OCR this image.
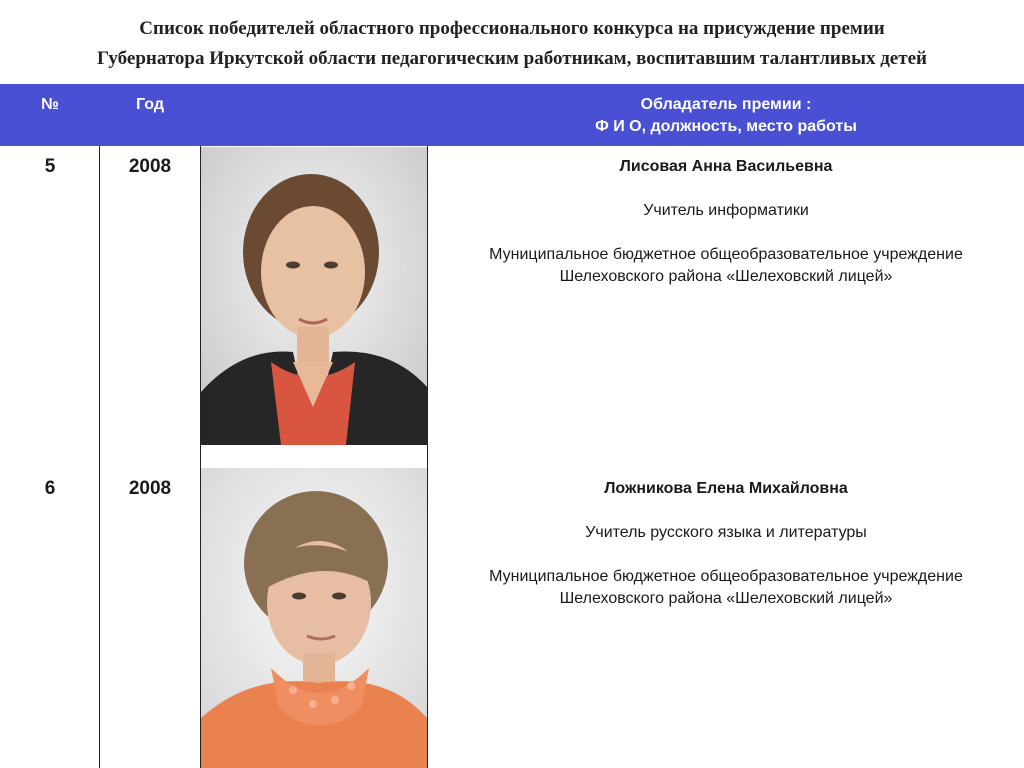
Список победителей областного профессионального конкурса на присуждение премии
Губернатора Иркутской области педагогическим работникам, воспитавшим талантливых детей
№	Год	Обладатель премии :
Ф И О, должность, место работы
5	2008	Лисовая Анна Васильевна
Учитель информатики
Муниципальное бюджетное общеобразовательное учреждение
Шелеховского района «Шелеховский лицей»
6	2008	Ложникова Елена Михайловна
Учитель русского языка и литературы
Муниципальное бюджетное общеобразовательное учреждение
Шелеховского района «Шелеховский лицей»
